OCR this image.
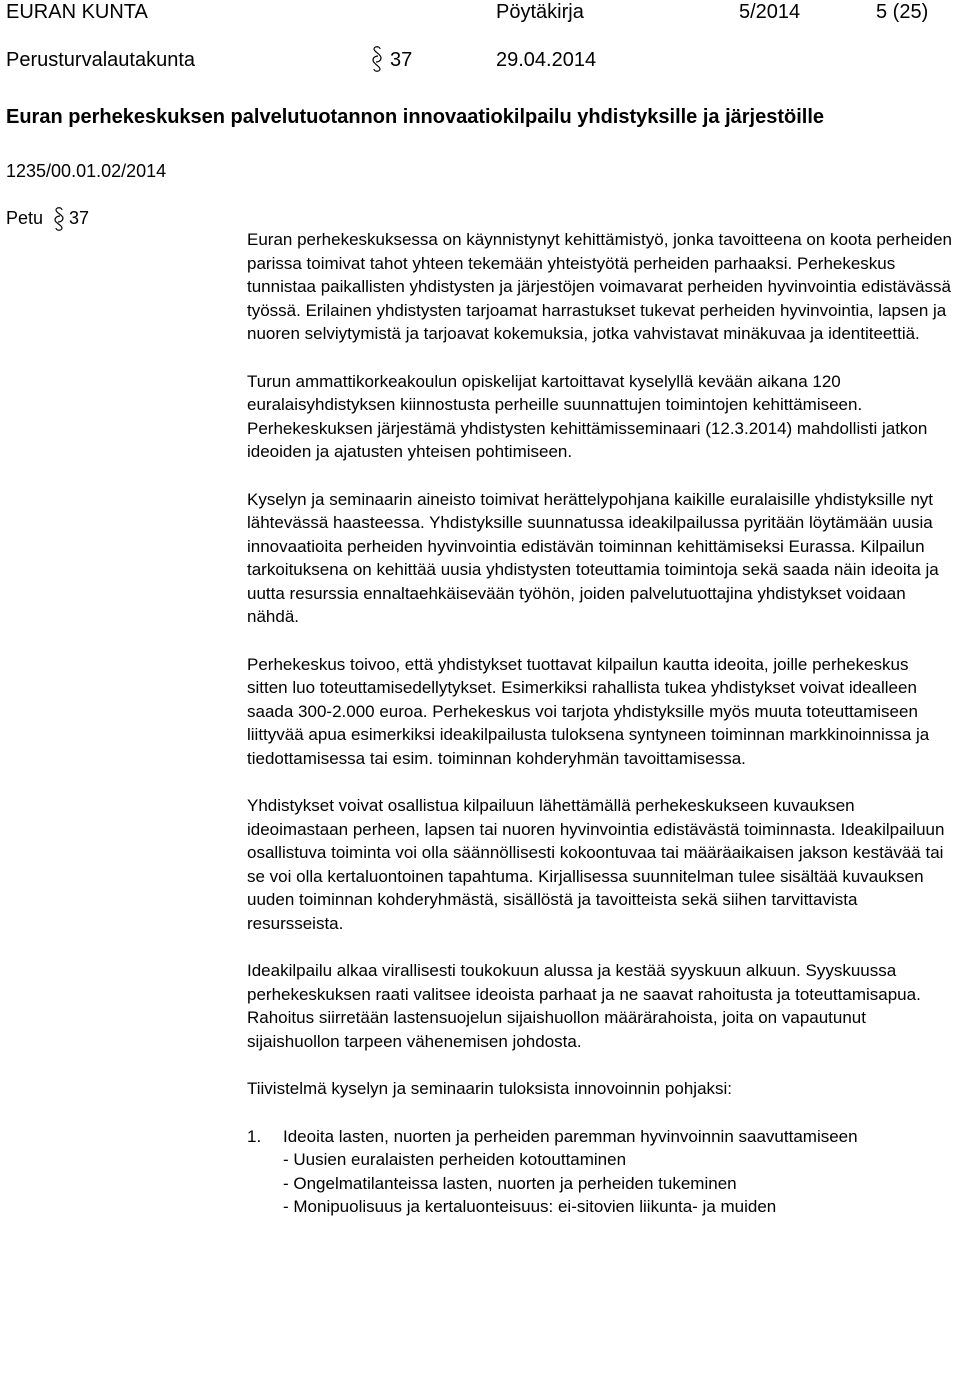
EURAN KUNTA	Pöytäkirja	5/2014	5 (25)
Perusturvalautakunta	37	29.04.2014
Euran perhekeskuksen palvelutuotannon innovaatiokilpailu yhdistyksille ja järjestöille
1235/00.01.02/2014
Petu 37

Euran perhekeskuksessa on käynnistynyt kehittämistyö, jonka tavoitteena on koota perheiden parissa toimivat tahot yhteen tekemään yhteistyötä perheiden parhaaksi. Perhekeskus tunnistaa paikallisten yhdistysten ja järjestöjen voimavarat perheiden hyvinvointia edistävässä työssä. Erilainen yhdistysten tarjoamat harrastukset tukevat perheiden hyvinvointia, lapsen ja nuoren selviytymistä ja tarjoavat kokemuksia, jotka vahvistavat minäkuvaa ja identiteettiä.

Turun ammattikorkeakoulun opiskelijat kartoittavat kyselyllä kevään aikana 120 euralaisyhdistyksen kiinnostusta perheille suunnattujen toimintojen kehittämiseen. Perhekeskuksen järjestämä yhdistysten kehittämisseminaari (12.3.2014) mahdollisti jatkon ideoiden ja ajatusten yhteisen pohtimiseen.

Kyselyn ja seminaarin aineisto toimivat herättelypohjana kaikille euralaisille yhdistyksille nyt lähtevässä haasteessa. Yhdistyksille suunnatussa ideakilpailussa pyritään löytämään uusia innovaatioita perheiden hyvinvointia edistävän toiminnan kehittämiseksi Eurassa. Kilpailun tarkoituksena on kehittää uusia yhdistysten toteuttamia toimintoja sekä saada näin ideoita ja uutta resurssia ennaltaehkäisevään työhön, joiden palvelutuottajina yhdistykset voidaan nähdä.

Perhekeskus toivoo, että yhdistykset tuottavat kilpailun kautta ideoita, joille perhekeskus sitten luo toteuttamisedellytykset. Esimerkiksi rahallista tukea yhdistykset voivat idealleen saada 300-2.000 euroa. Perhekeskus voi tarjota yhdistyksille myös muuta toteuttamiseen liittyvää apua esimerkiksi ideakilpailusta tuloksena syntyneen toiminnan markkinoinnissa ja tiedottamisessa tai esim. toiminnan kohderyhmän tavoittamisessa.

Yhdistykset voivat osallistua kilpailuun lähettämällä perhekeskukseen kuvauksen ideoimastaan perheen, lapsen tai nuoren hyvinvointia edistävästä toiminnasta. Ideakilpailuun osallistuva toiminta voi olla säännöllisesti kokoontuvaa tai määräaikaisen jakson kestävää tai se voi olla kertaluontoinen tapahtuma. Kirjallisessa suunnitelman tulee sisältää kuvauksen uuden toiminnan kohderyhmästä, sisällöstä ja tavoitteista sekä siihen tarvittavista resursseista.

Ideakilpailu alkaa virallisesti toukokuun alussa ja kestää syyskuun alkuun. Syyskuussa perhekeskuksen raati valitsee ideoista parhaat ja ne saavat rahoitusta ja toteuttamisapua. Rahoitus siirretään lastensuojelun sijaishuollon määrärahoista, joita on vapautunut sijaishuollon tarpeen vähenemisen johdosta.

Tiivistelmä kyselyn ja seminaarin tuloksista innovoinnin pohjaksi:

1.	Ideoita lasten, nuorten ja perheiden paremman hyvinvoinnin saavuttamiseen
- Uusien euralaisten perheiden kotouttaminen
- Ongelmatilanteissa lasten, nuorten ja perheiden tukeminen
- Monipuolisuus ja kertaluonteisuus: ei-sitovien liikunta- ja muiden
